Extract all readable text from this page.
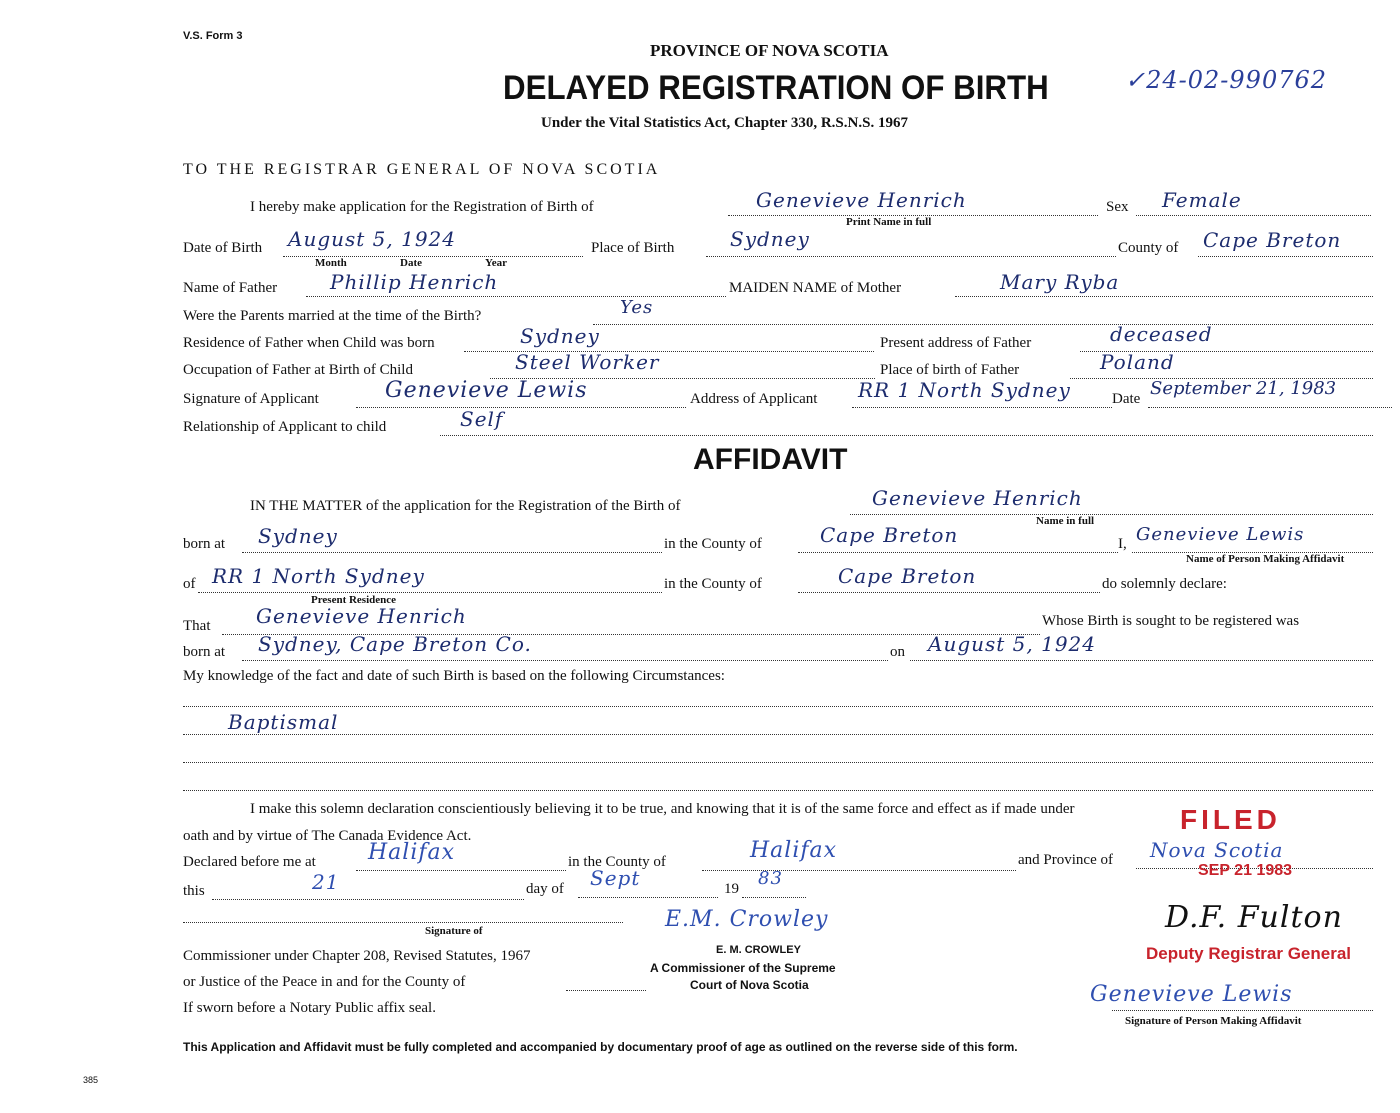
V.S. Form 3
PROVINCE OF NOVA SCOTIA
DELAYED REGISTRATION OF BIRTH	✓24-02-990762
Under the Vital Statistics Act, Chapter 330, R.S.N.S. 1967
TO THE REGISTRAR GENERAL OF NOVA SCOTIA
I hereby make application for the Registration of Birth of	Genevieve Henrich
Print Name in full
Sex Female
Date of Birth August 5, 1924
Month	Date	Year
Place of Birth	Sydney	County of Cape Breton
Name of Father	Phillip Henrich	MAIDEN NAME of Mother	Mary Ryba
Were the Parents married at the time of the Birth?	Yes
Residence of Father when Child was born	Sydney	Present address of Father	deceased
Occupation of Father at Birth of Child	Steel Worker	Place of birth of Father	Poland
Signature of Applicant	Genevieve Lewis	Address of Applicant RR 1 North Sydney	Date September 21, 1983
Relationship of Applicant to child	Self
AFFIDAVIT
IN THE MATTER of the application for the Registration of the Birth of	Genevieve Henrich
Name in full
born at Sydney	in the County of	Cape Breton	I, Genevieve Lewis
Name of Person Making Affidavit
of RR 1 North Sydney
Present Residence
in the County of	Cape Breton	do solemnly declare:
That Genevieve Henrich	Whose Birth is sought to be registered was
born at Sydney, Cape Breton Co.	on August 5, 1924
My knowledge of the fact and date of such Birth is based on the following Circumstances:
Baptismal
I make this solemn declaration conscientiously believing it to be true, and knowing that it is of the same force and effect as if made under
oath and by virtue of The Canada Evidence Act.
Declared before me at Halifax	in the County of	Halifax	and Province of Nova Scotia
this	21	day of Sept	19 83
Signature of
Commissioner under Chapter 208, Revised Statutes, 1967
or Justice of the Peace in and for the County of
If sworn before a Notary Public affix seal.
E.M. Crowley
E. M. CROWLEY
A Commissioner of the Supreme
Court of Nova Scotia
FILED
SEP 21 1983
D.F. Fulton
Deputy Registrar General
Genevieve Lewis
Signature of Person Making Affidavit
This Application and Affidavit must be fully completed and accompanied by documentary proof of age as outlined on the reverse side of this form.
385
